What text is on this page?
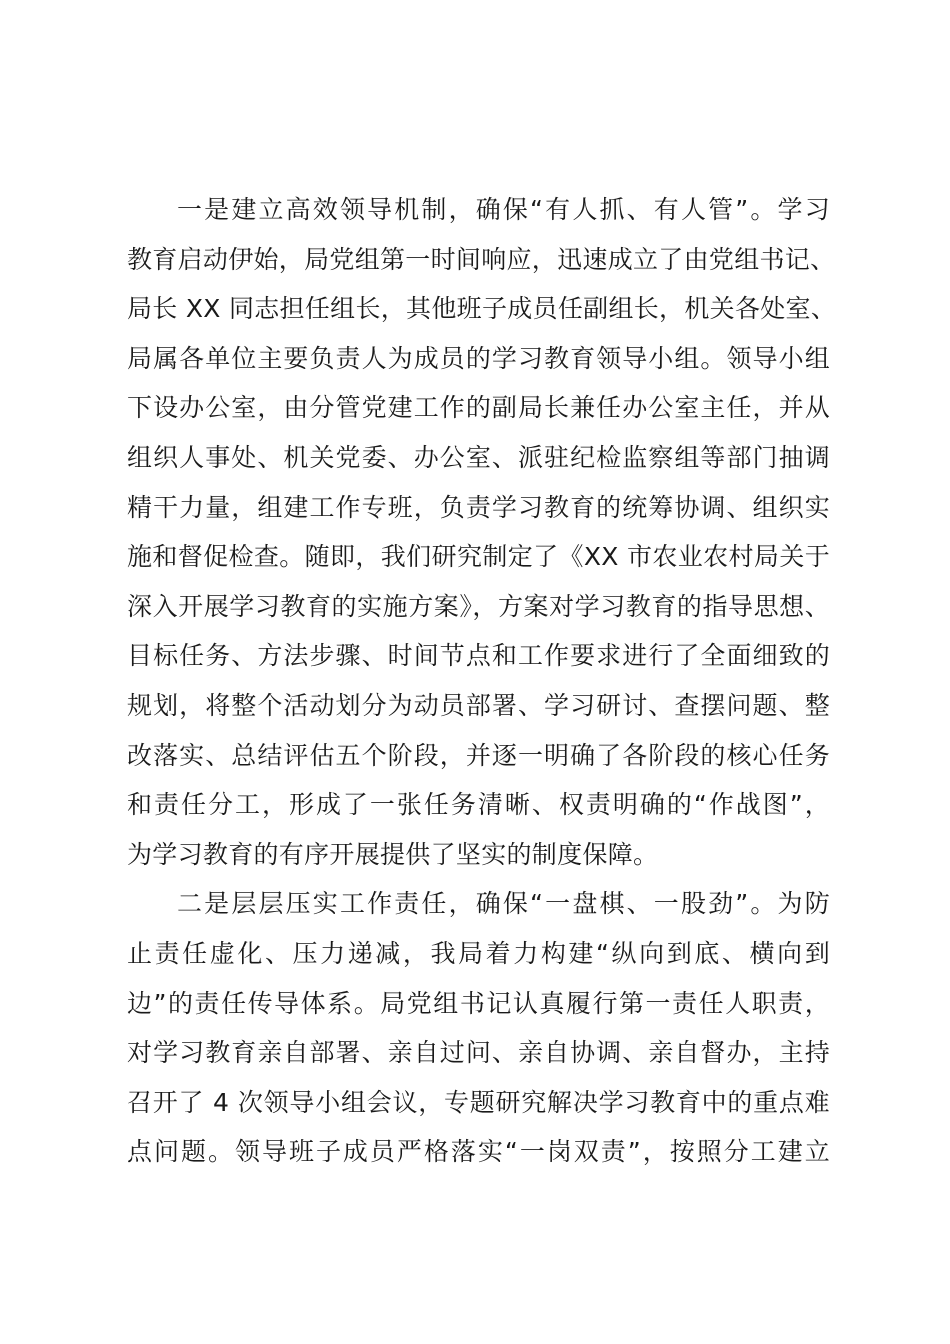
一是建立高效领导机制，确保“有人抓、有人管”。学习
教育启动伊始，局党组第一时间响应，迅速成立了由党组书记、
局长 XX 同志担任组长，其他班子成员任副组长，机关各处室、
局属各单位主要负责人为成员的学习教育领导小组。领导小组
下设办公室，由分管党建工作的副局长兼任办公室主任，并从
组织人事处、机关党委、办公室、派驻纪检监察组等部门抽调
精干力量，组建工作专班，负责学习教育的统筹协调、组织实
施和督促检查。随即，我们研究制定了《XX 市农业农村局关于
深入开展学习教育的实施方案》，方案对学习教育的指导思想、
目标任务、方法步骤、时间节点和工作要求进行了全面细致的
规划，将整个活动划分为动员部署、学习研讨、查摆问题、整
改落实、总结评估五个阶段，并逐一明确了各阶段的核心任务
和责任分工，形成了一张任务清晰、权责明确的“作战图”，
为学习教育的有序开展提供了坚实的制度保障。
二是层层压实工作责任，确保“一盘棋、一股劲”。为防
止责任虚化、压力递减，我局着力构建“纵向到底、横向到
边”的责任传导体系。局党组书记认真履行第一责任人职责，
对学习教育亲自部署、亲自过问、亲自协调、亲自督办，主持
召开了 4 次领导小组会议，专题研究解决学习教育中的重点难
点问题。领导班子成员严格落实“一岗双责”，按照分工建立
